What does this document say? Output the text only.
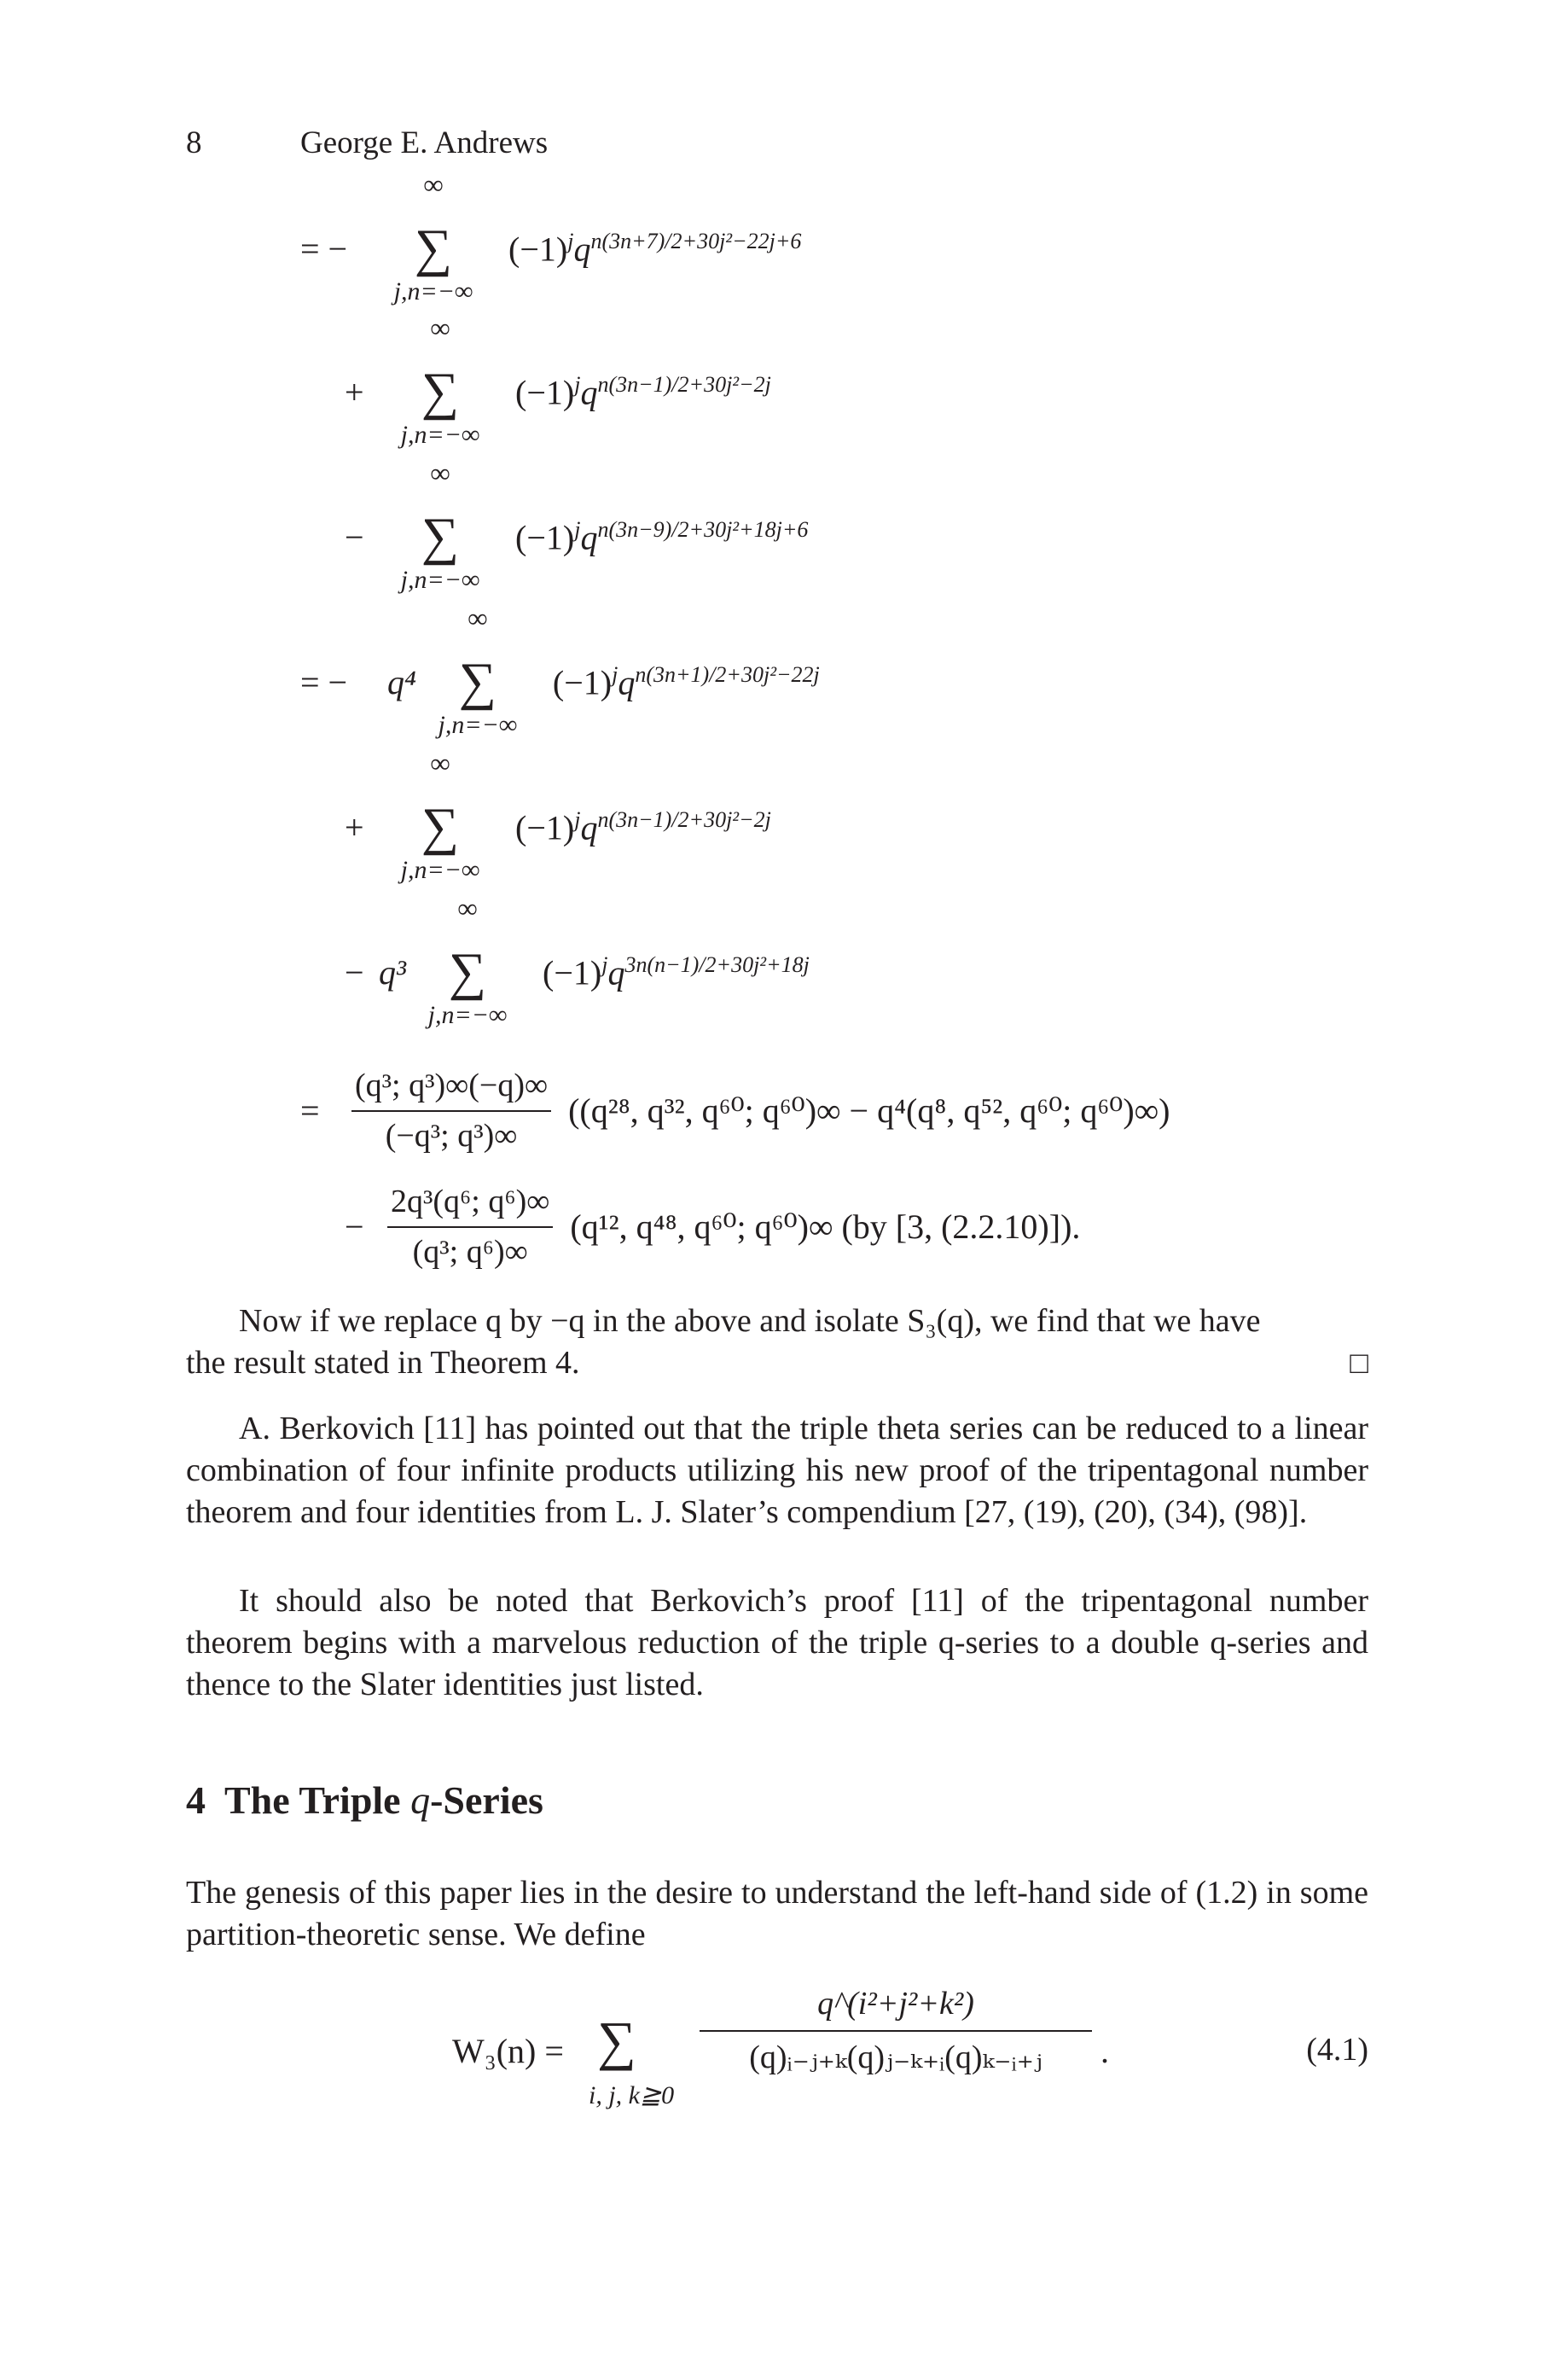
8	George E. Andrews
= −
∞
∑
j,n=−∞
$(-1)^jq^{n(3n+7)/2+30j^2-22j+6}$
+
∞
∑
j,n=−∞
$(-1)^jq^{n(3n-1)/2+30j^2-2j}$
−
∞
∑
j,n=−∞
$(-1)^jq^{n(3n-9)/2+30j^2+18j+6}$
= − q⁴
∞
∑
j,n=−∞
$(-1)^jq^{n(3n+1)/2+30j^2-22j}$
+
∞
∑
j,n=−∞
$(-1)^jq^{n(3n-1)/2+30j^2-2j}$
− q³
∞
∑
j,n=−∞
$(-1)^jq^{3n(n-1)/2+30j^2+18j}$
= $\frac{\text{(q³; q³)∞(−q)∞}}{\text{(−q³; q³)∞}} ((q^{28}$, q³², q⁶⁰; q⁶⁰)∞ − q⁴(q⁸, q⁵², q⁶⁰; q⁶⁰)∞)
− $\frac{\text{2q³(q⁶; q⁶)∞}}{\text{(q³; q⁶)∞}} (q^{12}$, q⁴⁸, q⁶⁰; q⁶⁰)∞ (by [3, (2.2.10)]).
Now if we replace q by −q in the above and isolate S₃(q), we find that we have
the result stated in Theorem 4.	□

A. Berkovich [11] has pointed out that the triple theta series can be reduced to a linear combination of four infinite products utilizing his new proof of the tripentagonal number theorem and four identities from L. J. Slater’s compendium [27, (19), (20), (34), (98)].

It should also be noted that Berkovich’s proof [11] of the tripentagonal number theorem begins with a marvelous reduction of the triple q-series to a double q-series and thence to the Slater identities just listed.

4 The Triple q-Series

The genesis of this paper lies in the desire to understand the left-hand side of (1.2) in some partition-theoretic sense. We define

W₃(n) = ∑
i, j, k≧0
$\frac{\text{q\textasciicircum{}(i²+j²+k²)}}{\text{(q)ᵢ₋ⱼ₊ₖ(q)ⱼ₋ₖ₊ᵢ(q)ₖ₋ᵢ₊ⱼ}}$ .	(4.1)
